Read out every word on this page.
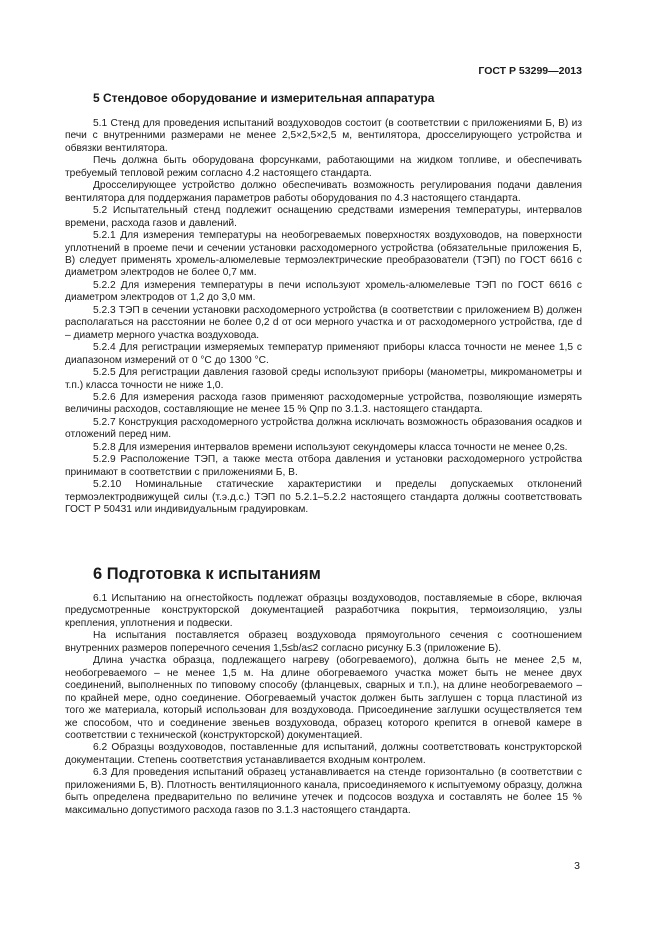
ГОСТ Р 53299—2013
5 Стендовое оборудование и измерительная аппаратура

5.1 Стенд для проведения испытаний воздуховодов состоит (в соответствии с приложениями Б, В) из печи с внутренними размерами не менее 2,5×2,5×2,5 м, вентилятора, дросселирующего устройства и обвязки вентилятора.

Печь должна быть оборудована форсунками, работающими на жидком топливе, и обеспечивать требуемый тепловой режим согласно 4.2 настоящего стандарта.

Дросселирующее устройство должно обеспечивать возможность регулирования подачи давления вентилятора для поддержания параметров работы оборудования по 4.3 настоящего стандарта.

5.2 Испытательный стенд подлежит оснащению средствами измерения температуры, интервалов времени, расхода газов и давлений.

5.2.1 Для измерения температуры на необогреваемых поверхностях воздуховодов, на поверхности уплотнений в проеме печи и сечении установки расходомерного устройства (обязательные приложения Б, В) следует применять хромель-алюмелевые термоэлектрические преобразователи (ТЭП) по ГОСТ 6616 с диаметром электродов не более 0,7 мм.

5.2.2 Для измерения температуры в печи используют хромель-алюмелевые ТЭП по ГОСТ 6616 с диаметром электродов от 1,2 до 3,0 мм.

5.2.3 ТЭП в сечении установки расходомерного устройства (в соответствии с приложением В) должен располагаться на расстоянии не более 0,2 d от оси мерного участка и от расходомерного устройства, где d – диаметр мерного участка воздуховода.

5.2.4 Для регистрации измеряемых температур применяют приборы класса точности не менее 1,5 с диапазоном измерений от 0 °С до 1300 °С.

5.2.5 Для регистрации давления газовой среды используют приборы (манометры, микроманометры и т.п.) класса точности не ниже 1,0.

5.2.6 Для измерения расхода газов применяют расходомерные устройства, позволяющие измерять величины расходов, составляющие не менее 15 % Qпр по 3.1.3. настоящего стандарта.

5.2.7 Конструкция расходомерного устройства должна исключать возможность образования осадков и отложений перед ним.

5.2.8 Для измерения интервалов времени используют секундомеры класса точности не менее 0,2s.

5.2.9 Расположение ТЭП, а также места отбора давления и установки расходомерного устройства принимают в соответствии с приложениями Б, В.

5.2.10 Номинальные статические характеристики и пределы допускаемых отклонений термоэлектродвижущей силы (т.э.д.с.) ТЭП по 5.2.1–5.2.2 настоящего стандарта должны соответствовать ГОСТ Р 50431 или индивидуальным градуировкам.

6 Подготовка к испытаниям

6.1 Испытанию на огнестойкость подлежат образцы воздуховодов, поставляемые в сборе, включая предусмотренные конструкторской документацией разработчика покрытия, термоизоляцию, узлы крепления, уплотнения и подвески.

На испытания поставляется образец воздуховода прямоугольного сечения с соотношением внутренних размеров поперечного сечения 1,5≤b/a≤2 согласно рисунку Б.3 (приложение Б).

Длина участка образца, подлежащего нагреву (обогреваемого), должна быть не менее 2,5 м, необогреваемого – не менее 1,5 м. На длине обогреваемого участка может быть не менее двух соединений, выполненных по типовому способу (фланцевых, сварных и т.п.), на длине необогреваемого – по крайней мере, одно соединение. Обогреваемый участок должен быть заглушен с торца пластиной из того же материала, который использован для воздуховода. Присоединение заглушки осуществляется тем же способом, что и соединение звеньев воздуховода, образец которого крепится в огневой камере в соответствии с технической (конструкторской) документацией.

6.2 Образцы воздуховодов, поставленные для испытаний, должны соответствовать конструкторской документации. Степень соответствия устанавливается входным контролем.

6.3 Для проведения испытаний образец устанавливается на стенде горизонтально (в соответствии с приложениями Б, В). Плотность вентиляционного канала, присоединяемого к испытуемому образцу, должна быть определена предварительно по величине утечек и подсосов воздуха и составлять не более 15 % максимально допустимого расхода газов по 3.1.3 настоящего стандарта.

3
